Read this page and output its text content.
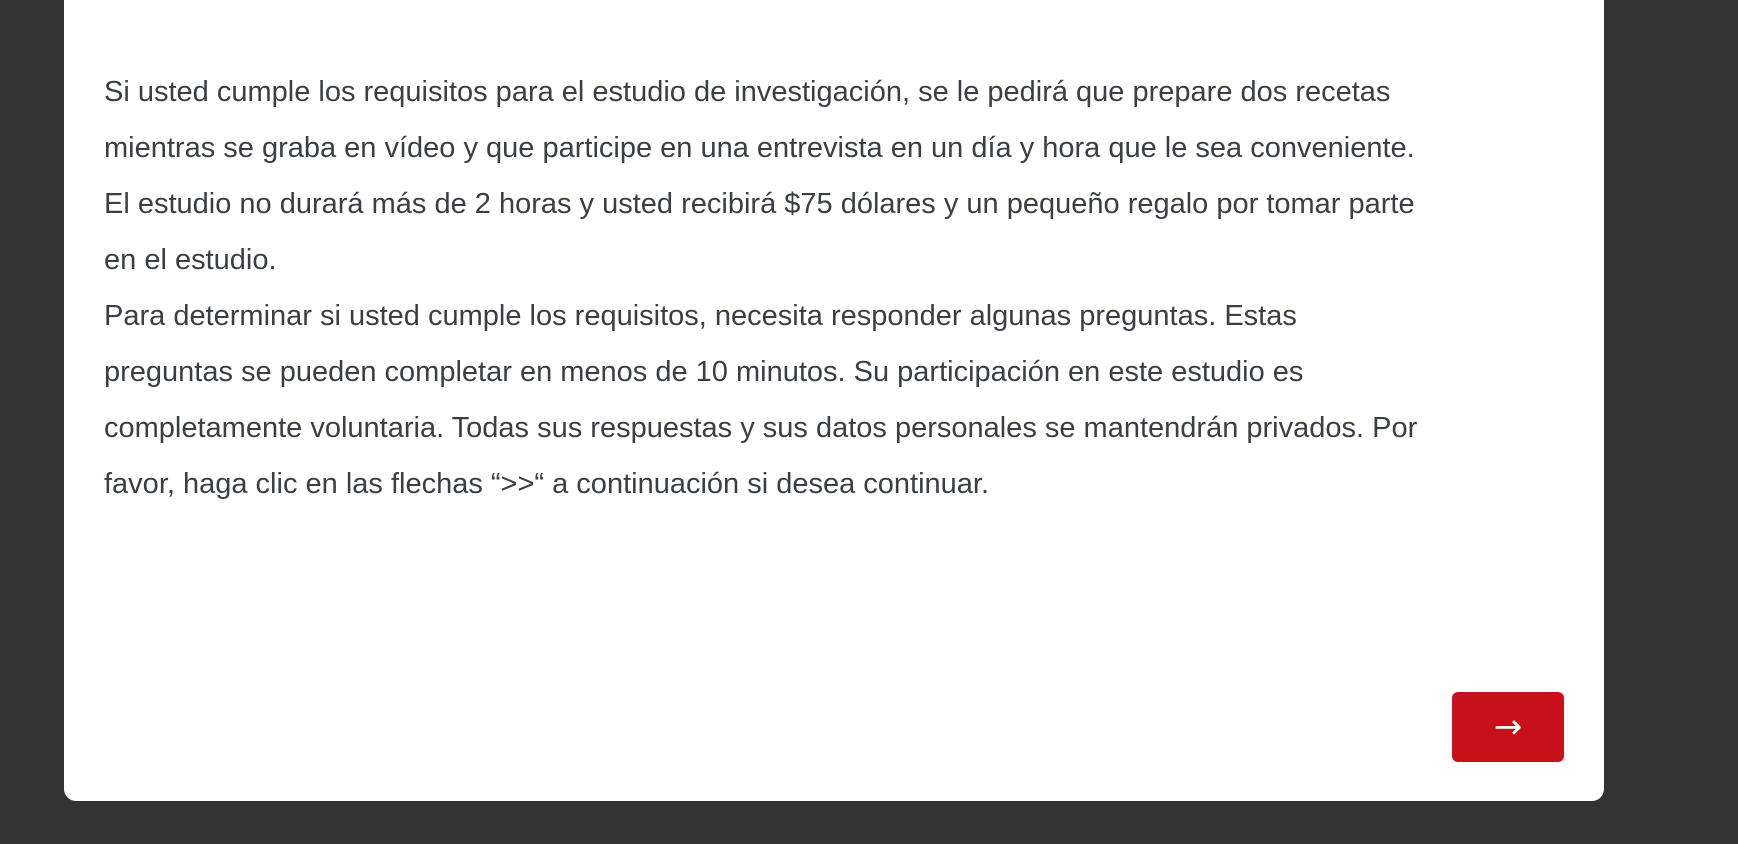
Si usted cumple los requisitos para el estudio de investigación, se le pedirá que prepare dos recetas

mientras se graba en vídeo y que participe en una entrevista en un día y hora que le sea conveniente.

El estudio no durará más de 2 horas y usted recibirá $75 dólares y un pequeño regalo por tomar parte

en el estudio.

Para determinar si usted cumple los requisitos, necesita responder algunas preguntas. Estas

preguntas se pueden completar en menos de 10 minutos. Su participación en este estudio es

completamente voluntaria. Todas sus respuestas y sus datos personales se mantendrán privados. Por

favor, haga clic en las flechas “>>“ a continuación si desea continuar.

→
